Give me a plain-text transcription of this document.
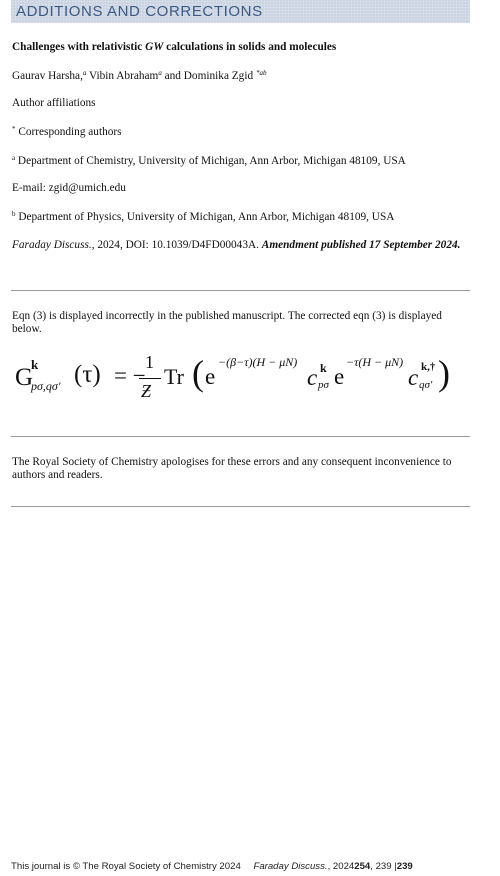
ADDITIONS AND CORRECTIONS
Challenges with relativistic GW calculations in solids and molecules
Gaurav Harsha,$^a$ Vibin Abraham$^a$ and Dominika Zgid $^{*ab}$
Author affiliations
* Corresponding authors
$^a$ Department of Chemistry, University of Michigan, Ann Arbor, Michigan 48109, USA
E-mail: zgid@umich.edu
$^b$ Department of Physics, University of Michigan, Ann Arbor, Michigan 48109, USA
Faraday Discuss., 2024, DOI: 10.1039/D4FD00043A. Amendment published 17 September 2024.
Eqn (3) is displayed incorrectly in the published manuscript. The corrected eqn (3) is displayed below.
G
k
pσ,qσ′ (τ) = −
1
Ƶ
Tr ( e
−(β−τ)(H − μN)
c k
pσ e
−τ(H − μN)
c k,†
qσ′ )
The Royal Society of Chemistry apologises for these errors and any consequent inconvenience to authors and readers.
This journal is © The Royal Society of Chemistry 2024 Faraday Discuss., 2024254, 239 |239
